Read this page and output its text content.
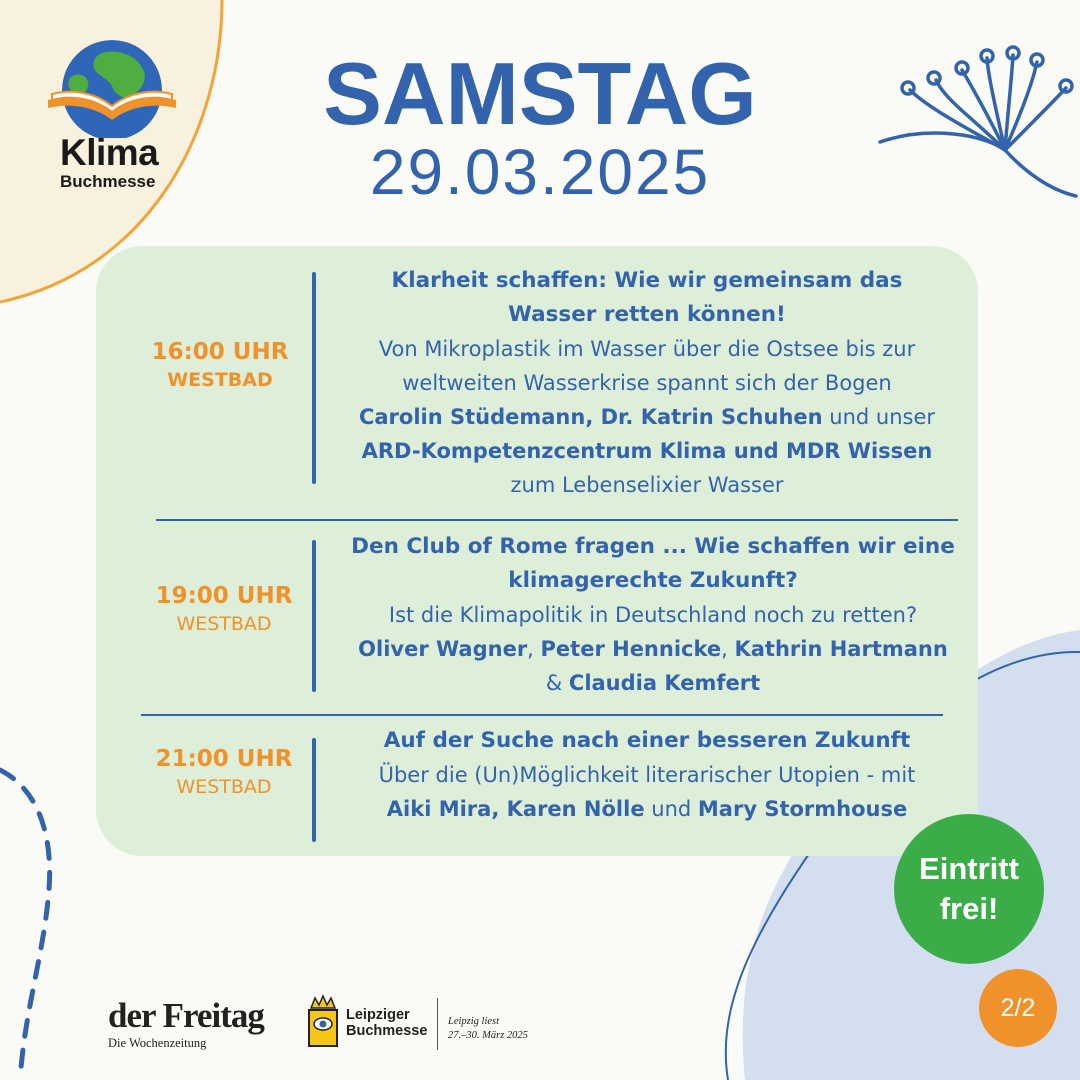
Klima
Buchmesse
SAMSTAG
29.03.2025
16:00 UHR
WESTBAD
Klarheit schaffen: Wie wir gemeinsam das
Wasser retten können!
Von Mikroplastik im Wasser über die Ostsee bis zur
weltweiten Wasserkrise spannt sich der Bogen
Carolin Stüdemann, Dr. Katrin Schuhen und unser
ARD-Kompetenzcentrum Klima und MDR Wissen
zum Lebenselixier Wasser
19:00 UHR
WESTBAD
Den Club of Rome fragen ... Wie schaffen wir eine
klimagerechte Zukunft?
Ist die Klimapolitik in Deutschland noch zu retten?
Oliver Wagner, Peter Hennicke, Kathrin Hartmann
& Claudia Kemfert
21:00 UHR
WESTBAD
Auf der Suche nach einer besseren Zukunft
Über die (Un)Möglichkeit literarischer Utopien - mit
Aiki Mira, Karen Nölle und Mary Stormhouse
Eintritt
frei!
2/2
der Freitag
Die Wochenzeitung
Leipziger
Buchmesse
Leipzig liest
27.–30. März 2025
